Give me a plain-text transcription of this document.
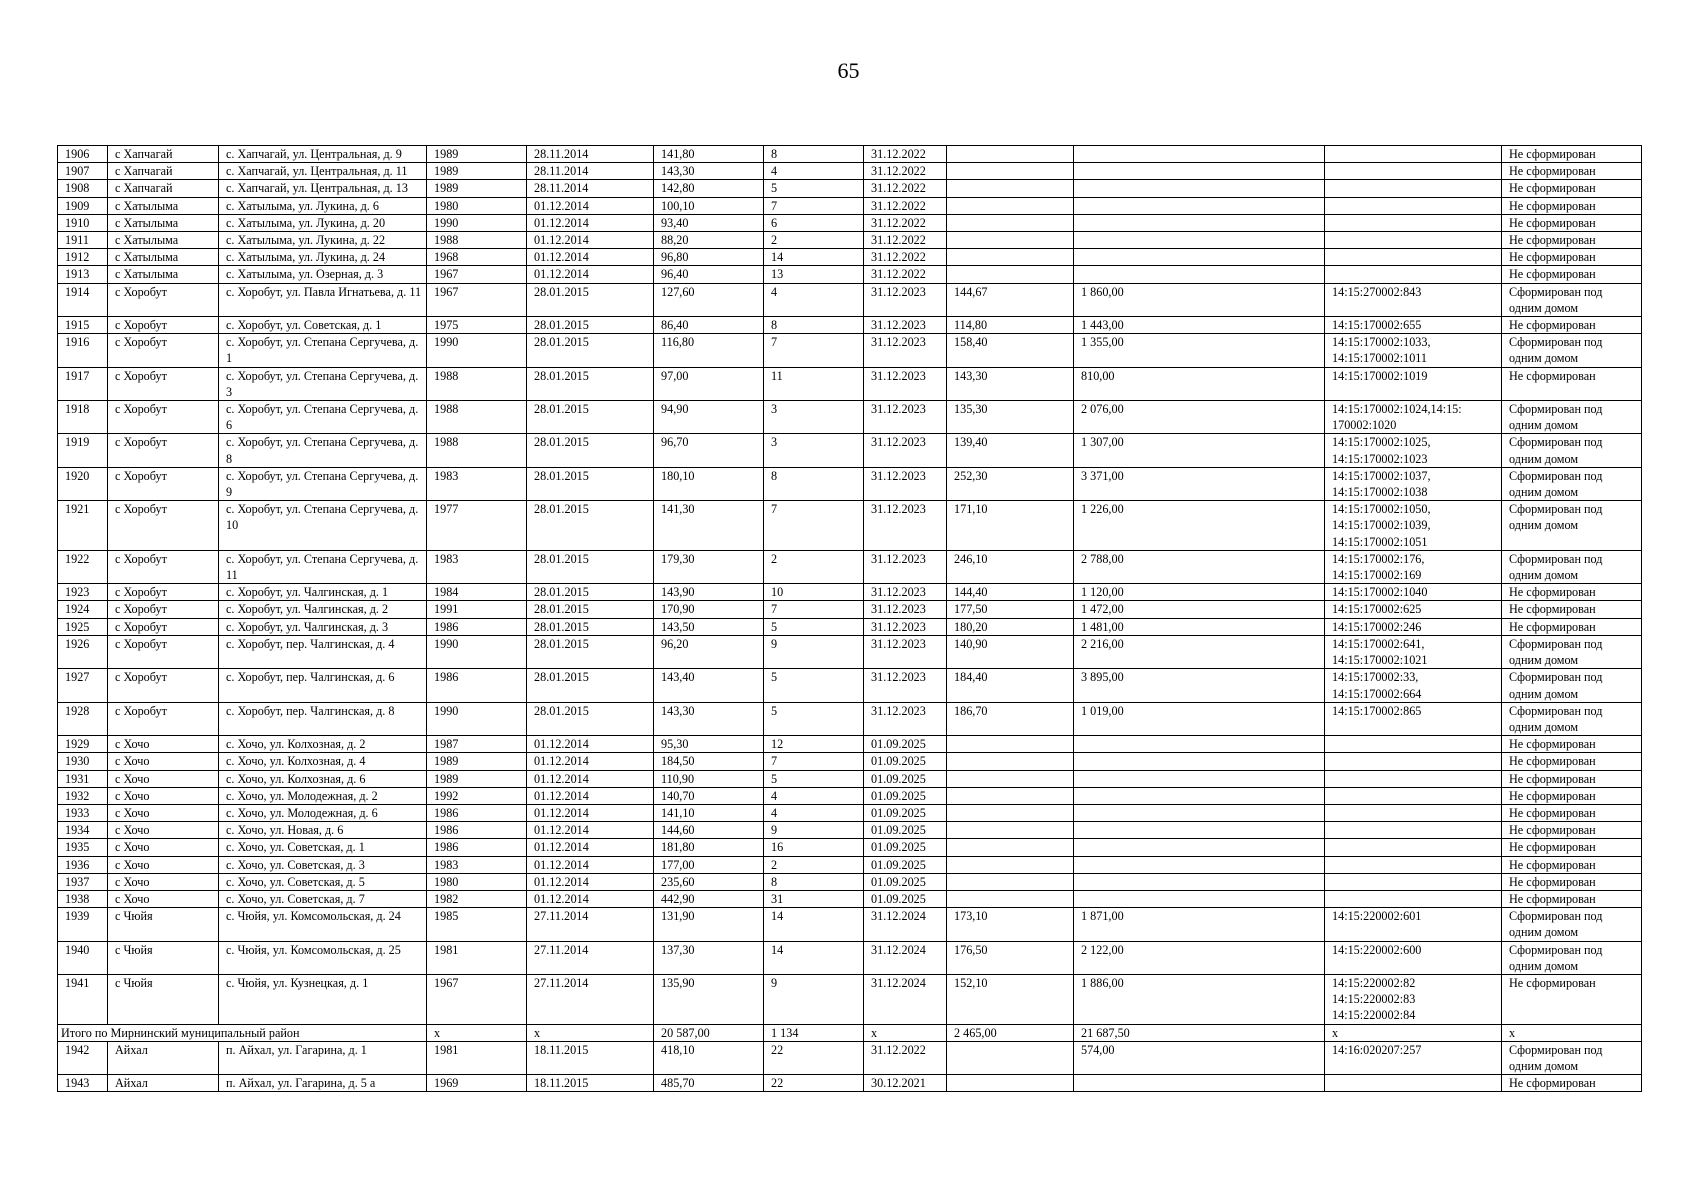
65
1906	с Хапчагай	с. Хапчагай, ул. Центральная, д. 9	1989	28.11.2014	141,80	8	31.12.2022				Не сформирован
1907	с Хапчагай	с. Хапчагай, ул. Центральная, д. 11	1989	28.11.2014	143,30	4	31.12.2022				Не сформирован
1908	с Хапчагай	с. Хапчагай, ул. Центральная, д. 13	1989	28.11.2014	142,80	5	31.12.2022				Не сформирован
1909	с Хатылыма	с. Хатылыма, ул. Лукина, д. 6	1980	01.12.2014	100,10	7	31.12.2022				Не сформирован
1910	с Хатылыма	с. Хатылыма, ул. Лукина, д. 20	1990	01.12.2014	93,40	6	31.12.2022				Не сформирован
1911	с Хатылыма	с. Хатылыма, ул. Лукина, д. 22	1988	01.12.2014	88,20	2	31.12.2022				Не сформирован
1912	с Хатылыма	с. Хатылыма, ул. Лукина, д. 24	1968	01.12.2014	96,80	14	31.12.2022				Не сформирован
1913	с Хатылыма	с. Хатылыма, ул. Озерная, д. 3	1967	01.12.2014	96,40	13	31.12.2022				Не сформирован
1914	с Хоробут	с. Хоробут, ул. Павла Игнатьева, д. 11	1967	28.01.2015	127,60	4	31.12.2023	144,67	1 860,00	14:15:270002:843	Сформирован под одним домом
1915	с Хоробут	с. Хоробут, ул. Советская, д. 1	1975	28.01.2015	86,40	8	31.12.2023	114,80	1 443,00	14:15:170002:655	Не сформирован
1916	с Хоробут	с. Хоробут, ул. Степана Сергучева, д. 1	1990	28.01.2015	116,80	7	31.12.2023	158,40	1 355,00	14:15:170002:1033, 14:15:170002:1011	Сформирован под одним домом
1917	с Хоробут	с. Хоробут, ул. Степана Сергучева, д. 3	1988	28.01.2015	97,00	11	31.12.2023	143,30	810,00	14:15:170002:1019	Не сформирован
1918	с Хоробут	с. Хоробут, ул. Степана Сергучева, д. 6	1988	28.01.2015	94,90	3	31.12.2023	135,30	2 076,00	14:15:170002:1024,14:15: 170002:1020	Сформирован под одним домом
1919	с Хоробут	с. Хоробут, ул. Степана Сергучева, д. 8	1988	28.01.2015	96,70	3	31.12.2023	139,40	1 307,00	14:15:170002:1025, 14:15:170002:1023	Сформирован под одним домом
1920	с Хоробут	с. Хоробут, ул. Степана Сергучева, д. 9	1983	28.01.2015	180,10	8	31.12.2023	252,30	3 371,00	14:15:170002:1037, 14:15:170002:1038	Сформирован под одним домом
1921	с Хоробут	с. Хоробут, ул. Степана Сергучева, д. 10	1977	28.01.2015	141,30	7	31.12.2023	171,10	1 226,00	14:15:170002:1050, 14:15:170002:1039, 14:15:170002:1051	Сформирован под одним домом
1922	с Хоробут	с. Хоробут, ул. Степана Сергучева, д. 11	1983	28.01.2015	179,30	2	31.12.2023	246,10	2 788,00	14:15:170002:176, 14:15:170002:169	Сформирован под одним домом
1923	с Хоробут	с. Хоробут, ул. Чалгинская, д. 1	1984	28.01.2015	143,90	10	31.12.2023	144,40	1 120,00	14:15:170002:1040	Не сформирован
1924	с Хоробут	с. Хоробут, ул. Чалгинская, д. 2	1991	28.01.2015	170,90	7	31.12.2023	177,50	1 472,00	14:15:170002:625	Не сформирован
1925	с Хоробут	с. Хоробут, ул. Чалгинская, д. 3	1986	28.01.2015	143,50	5	31.12.2023	180,20	1 481,00	14:15:170002:246	Не сформирован
1926	с Хоробут	с. Хоробут, пер. Чалгинская, д. 4	1990	28.01.2015	96,20	9	31.12.2023	140,90	2 216,00	14:15:170002:641, 14:15:170002:1021	Сформирован под одним домом
1927	с Хоробут	с. Хоробут, пер. Чалгинская, д. 6	1986	28.01.2015	143,40	5	31.12.2023	184,40	3 895,00	14:15:170002:33, 14:15:170002:664	Сформирован под одним домом
1928	с Хоробут	с. Хоробут, пер. Чалгинская, д. 8	1990	28.01.2015	143,30	5	31.12.2023	186,70	1 019,00	14:15:170002:865	Сформирован под одним домом
1929	с Хочо	с. Хочо, ул. Колхозная, д. 2	1987	01.12.2014	95,30	12	01.09.2025				Не сформирован
1930	с Хочо	с. Хочо, ул. Колхозная, д. 4	1989	01.12.2014	184,50	7	01.09.2025				Не сформирован
1931	с Хочо	с. Хочо, ул. Колхозная, д. 6	1989	01.12.2014	110,90	5	01.09.2025				Не сформирован
1932	с Хочо	с. Хочо, ул. Молодежная, д. 2	1992	01.12.2014	140,70	4	01.09.2025				Не сформирован
1933	с Хочо	с. Хочо, ул. Молодежная, д. 6	1986	01.12.2014	141,10	4	01.09.2025				Не сформирован
1934	с Хочо	с. Хочо, ул. Новая, д. 6	1986	01.12.2014	144,60	9	01.09.2025				Не сформирован
1935	с Хочо	с. Хочо, ул. Советская, д. 1	1986	01.12.2014	181,80	16	01.09.2025				Не сформирован
1936	с Хочо	с. Хочо, ул. Советская, д. 3	1983	01.12.2014	177,00	2	01.09.2025				Не сформирован
1937	с Хочо	с. Хочо, ул. Советская, д. 5	1980	01.12.2014	235,60	8	01.09.2025				Не сформирован
1938	с Хочо	с. Хочо, ул. Советская, д. 7	1982	01.12.2014	442,90	31	01.09.2025				Не сформирован
1939	с Чюйя	с. Чюйя, ул. Комсомольская, д. 24	1985	27.11.2014	131,90	14	31.12.2024	173,10	1 871,00	14:15:220002:601	Сформирован под одним домом
1940	с Чюйя	с. Чюйя, ул. Комсомольская, д. 25	1981	27.11.2014	137,30	14	31.12.2024	176,50	2 122,00	14:15:220002:600	Сформирован под одним домом
1941	с Чюйя	с. Чюйя, ул. Кузнецкая, д. 1	1967	27.11.2014	135,90	9	31.12.2024	152,10	1 886,00	14:15:220002:82 14:15:220002:83 14:15:220002:84	Не сформирован
Итого по Мирнинский муниципальный район			х	х	20 587,00	1 134	х	2 465,00	21 687,50	х	х
1942	Айхал	п. Айхал, ул. Гагарина, д. 1	1981	18.11.2015	418,10	22	31.12.2022		574,00	14:16:020207:257	Сформирован под одним домом
1943	Айхал	п. Айхал, ул. Гагарина, д. 5 а	1969	18.11.2015	485,70	22	30.12.2021				Не сформирован
